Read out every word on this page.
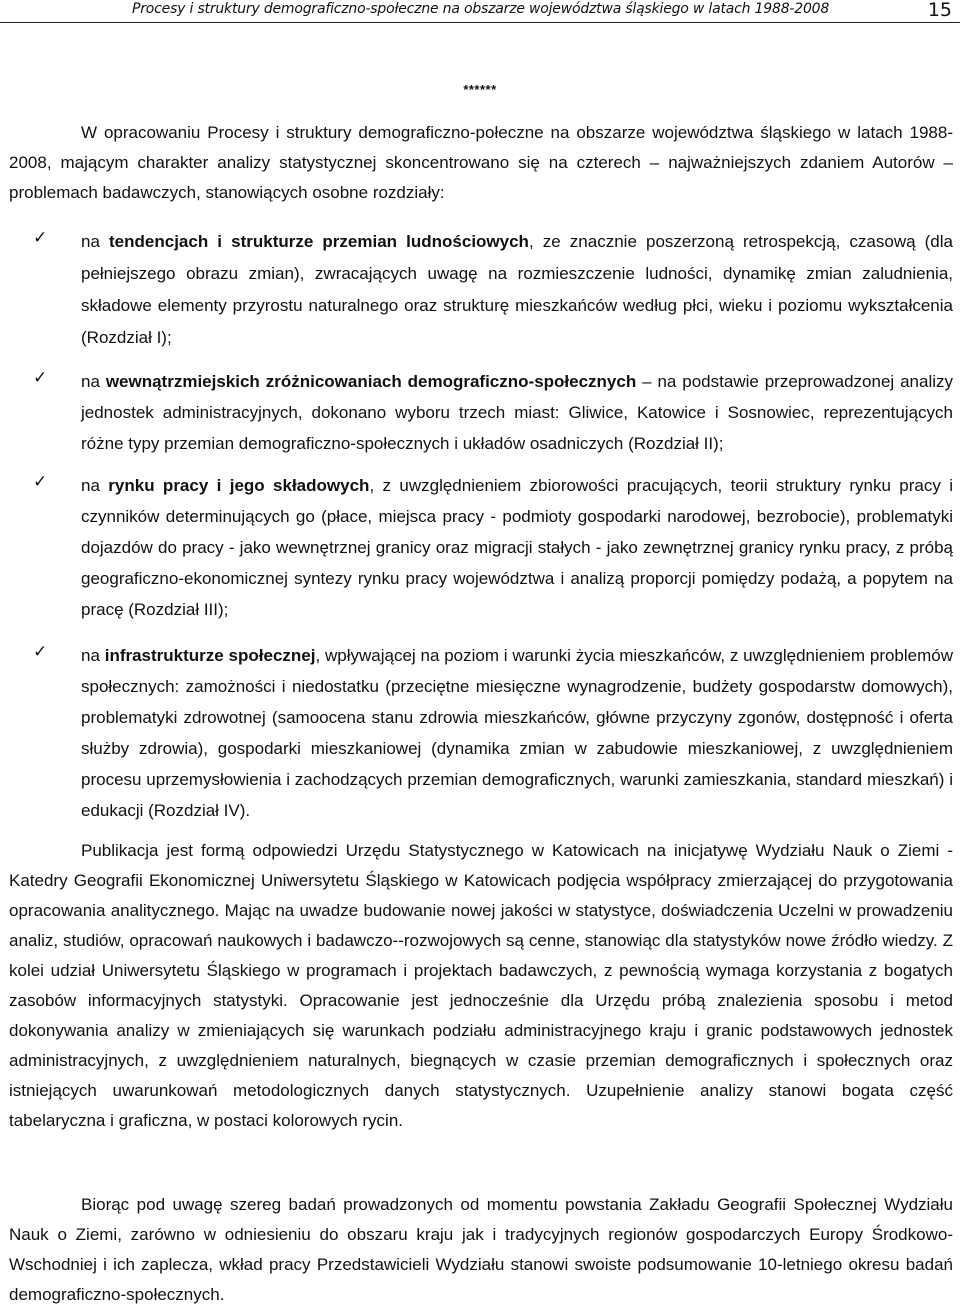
Procesy i struktury demograficzno-społeczne na obszarze województwa śląskiego w latach 1988-2008	15
******

W opracowaniu Procesy i struktury demograficzno-połeczne na obszarze województwa śląskiego w latach 1988-2008, mającym charakter analizy statystycznej skoncentrowano się na czterech – najważniejszych zdaniem Autorów – problemach badawczych, stanowiących osobne rozdziały:

✓ na tendencjach i strukturze przemian ludnościowych, ze znacznie poszerzoną retrospekcją, czasową (dla pełniejszego obrazu zmian), zwracających uwagę na rozmieszczenie ludności, dynamikę zmian zaludnienia, składowe elementy przyrostu naturalnego oraz strukturę mieszkańców według płci, wieku i poziomu wykształcenia (Rozdział I);

✓ na wewnątrzmiejskich zróżnicowaniach demograficzno-społecznych – na podstawie przeprowadzonej analizy jednostek administracyjnych, dokonano wyboru trzech miast: Gliwice, Katowice i Sosnowiec, reprezentujących różne typy przemian demograficzno-społecznych i układów osadniczych (Rozdział II);

✓ na rynku pracy i jego składowych, z uwzględnieniem zbiorowości pracujących, teorii struktury rynku pracy i czynników determinujących go (płace, miejsca pracy - podmioty gospodarki narodowej, bezrobocie), problematyki dojazdów do pracy - jako wewnętrznej granicy oraz migracji stałych - jako zewnętrznej granicy rynku pracy, z próbą geograficzno-ekonomicznej syntezy rynku pracy województwa i analizą proporcji pomiędzy podażą, a popytem na pracę (Rozdział III);

✓ na infrastrukturze społecznej, wpływającej na poziom i warunki życia mieszkańców, z uwzględnieniem problemów społecznych: zamożności i niedostatku (przeciętne miesięczne wynagrodzenie, budżety gospodarstw domowych), problematyki zdrowotnej (samoocena stanu zdrowia mieszkańców, główne przyczyny zgonów, dostępność i oferta służby zdrowia), gospodarki mieszkaniowej (dynamika zmian w zabudowie mieszkaniowej, z uwzględnieniem procesu uprzemysłowienia i zachodzących przemian demograficznych, warunki zamieszkania, standard mieszkań) i edukacji (Rozdział IV).

Publikacja jest formą odpowiedzi Urzędu Statystycznego w Katowicach na inicjatywę Wydziału Nauk o Ziemi - Katedry Geografii Ekonomicznej Uniwersytetu Śląskiego w Katowicach podjęcia współpracy zmierzającej do przygotowania opracowania analitycznego. Mając na uwadze budowanie nowej jakości w statystyce, doświadczenia Uczelni w prowadzeniu analiz, studiów, opracowań naukowych i badawczo--rozwojowych są cenne, stanowiąc dla statystyków nowe źródło wiedzy. Z kolei udział Uniwersytetu Śląskiego w programach i projektach badawczych, z pewnością wymaga korzystania z bogatych zasobów informacyjnych statystyki. Opracowanie jest jednocześnie dla Urzędu próbą znalezienia sposobu i metod dokonywania analizy w zmieniających się warunkach podziału administracyjnego kraju i granic podstawowych jednostek administracyjnych, z uwzględnieniem naturalnych, biegnących w czasie przemian demograficznych i społecznych oraz istniejących uwarunkowań metodologicznych danych statystycznych. Uzupełnienie analizy stanowi bogata część tabelaryczna i graficzna, w postaci kolorowych rycin.

Biorąc pod uwagę szereg badań prowadzonych od momentu powstania Zakładu Geografii Społecznej Wydziału Nauk o Ziemi, zarówno w odniesieniu do obszaru kraju jak i tradycyjnych regionów gospodarczych Europy Środkowo-Wschodniej i ich zaplecza, wkład pracy Przedstawicieli Wydziału stanowi swoiste podsumowanie 10-letniego okresu badań demograficzno-społecznych.
